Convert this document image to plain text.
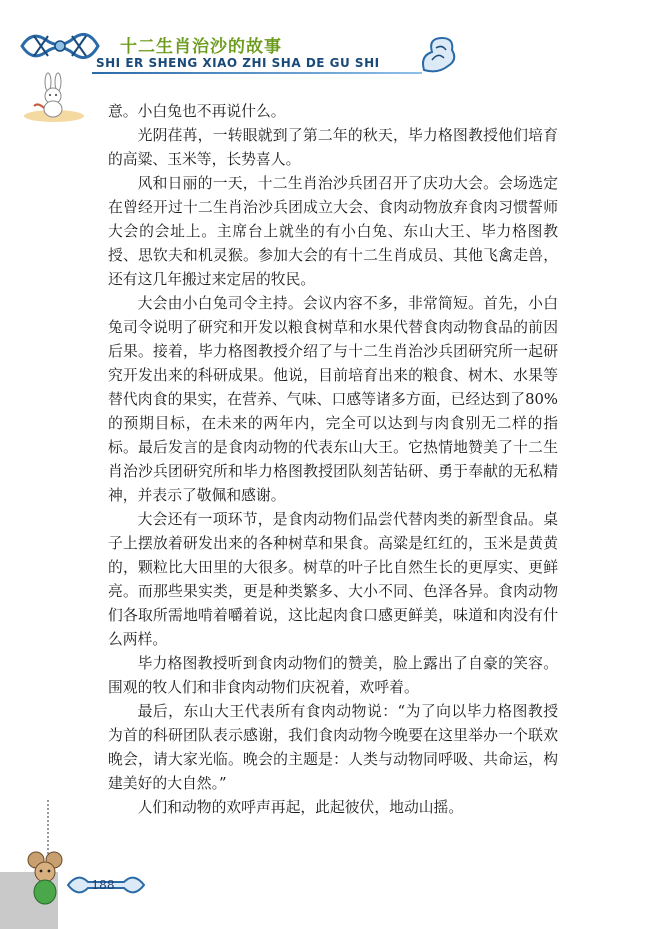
十二生肖治沙的故事
SHI ER SHENG XIAO ZHI SHA DE GU SHI

意。小白兔也不再说什么。

光阴荏苒，一转眼就到了第二年的秋天，毕力格图教授他们培育的高粱、玉米等，长势喜人。

风和日丽的一天，十二生肖治沙兵团召开了庆功大会。会场选定在曾经开过十二生肖治沙兵团成立大会、食肉动物放弃食肉习惯誓师大会的会址上。主席台上就坐的有小白兔、东山大王、毕力格图教授、思钦夫和机灵猴。参加大会的有十二生肖成员、其他飞禽走兽，还有这几年搬过来定居的牧民。

大会由小白兔司令主持。会议内容不多，非常简短。首先，小白兔司令说明了研究和开发以粮食树草和水果代替食肉动物食品的前因后果。接着，毕力格图教授介绍了与十二生肖治沙兵团研究所一起研究开发出来的科研成果。他说，目前培育出来的粮食、树木、水果等替代肉食的果实，在营养、气味、口感等诸多方面，已经达到了80%的预期目标，在未来的两年内，完全可以达到与肉食别无二样的指标。最后发言的是食肉动物的代表东山大王。它热情地赞美了十二生肖治沙兵团研究所和毕力格图教授团队刻苦钻研、勇于奉献的无私精神，并表示了敬佩和感谢。

大会还有一项环节，是食肉动物们品尝代替肉类的新型食品。桌子上摆放着研发出来的各种树草和果食。高粱是红红的，玉米是黄黄的，颗粒比大田里的大很多。树草的叶子比自然生长的更厚实、更鲜亮。而那些果实类，更是种类繁多、大小不同、色泽各异。食肉动物们各取所需地啃着嚼着说，这比起肉食口感更鲜美，味道和肉没有什么两样。

毕力格图教授听到食肉动物们的赞美，脸上露出了自豪的笑容。围观的牧人们和非食肉动物们庆祝着，欢呼着。

最后，东山大王代表所有食肉动物说：“为了向以毕力格图教授为首的科研团队表示感谢，我们食肉动物今晚要在这里举办一个联欢晚会，请大家光临。晚会的主题是：人类与动物同呼吸、共命运，构建美好的大自然。”

人们和动物的欢呼声再起，此起彼伏，地动山摇。

188
